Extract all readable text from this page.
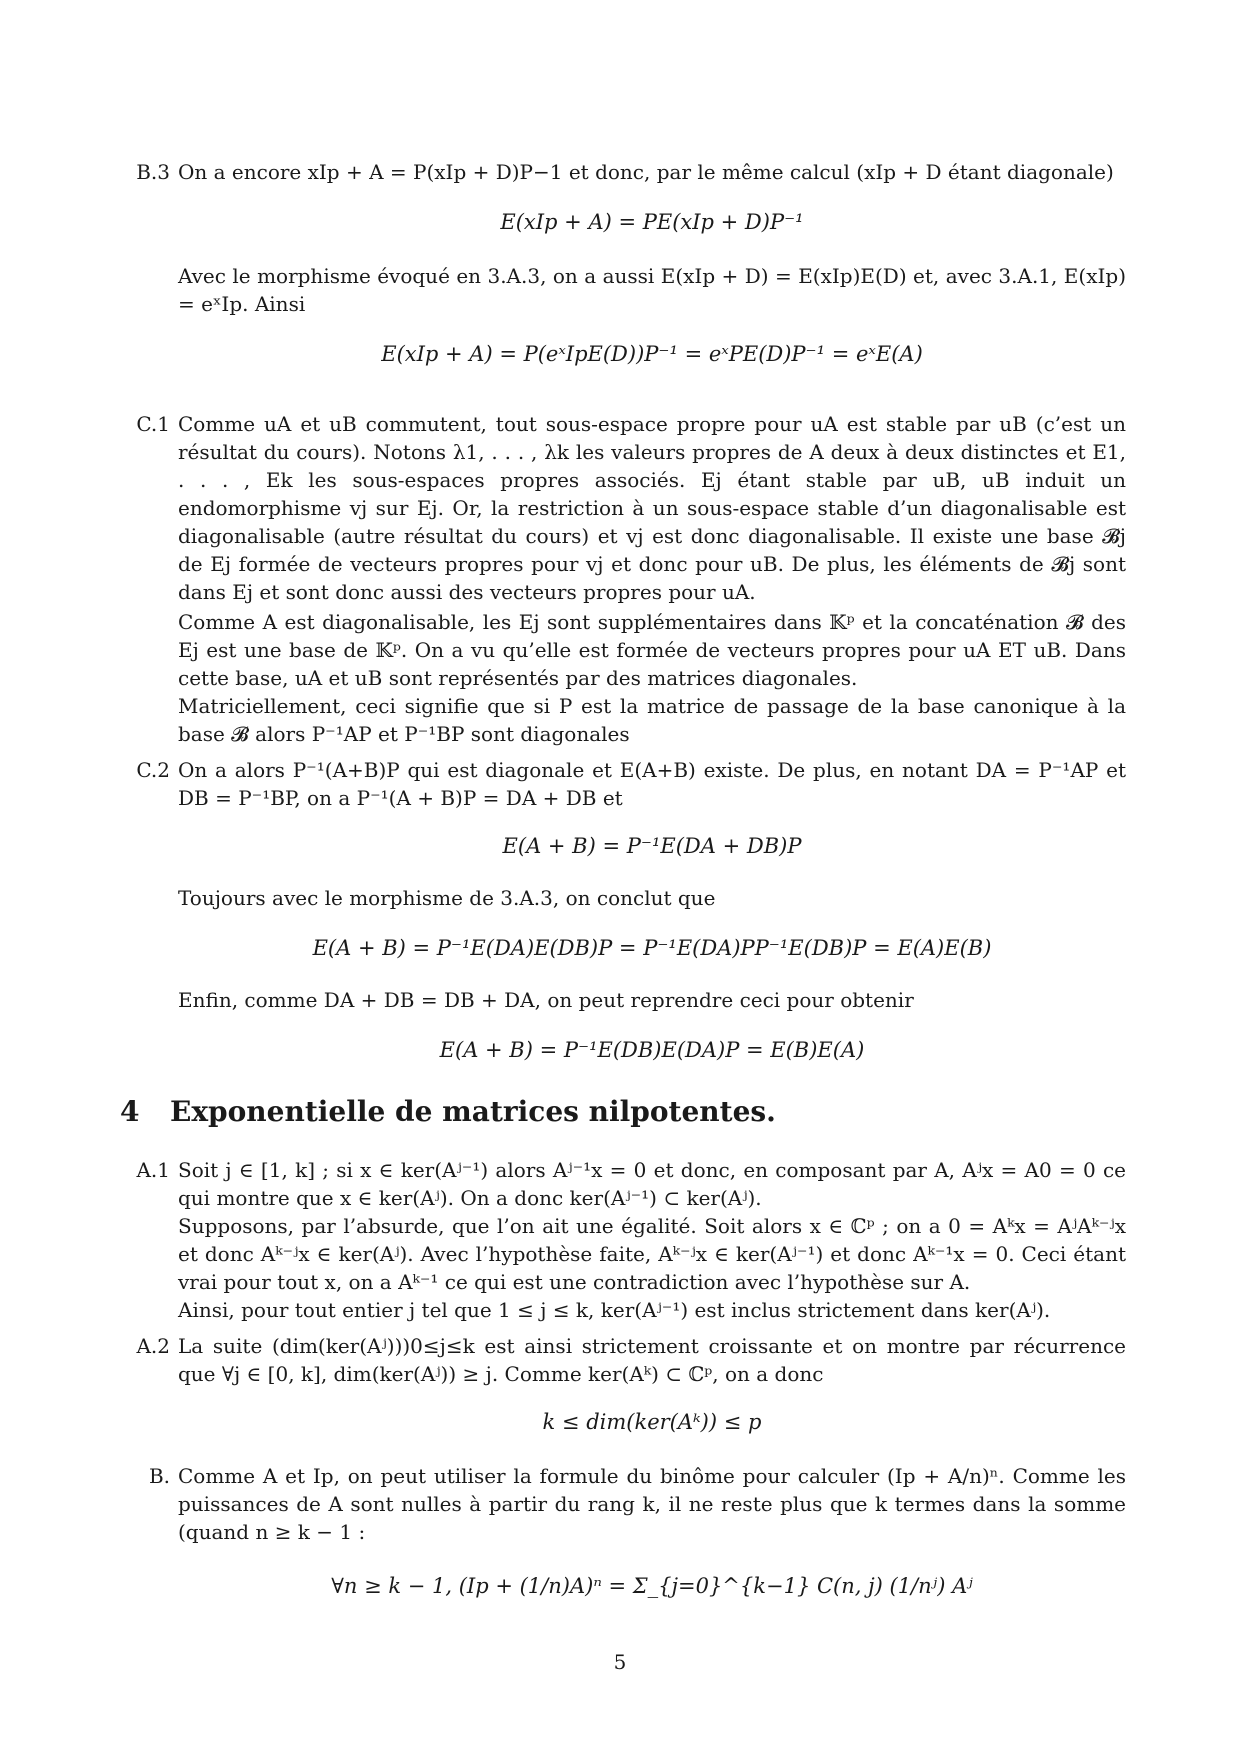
B.3 On a encore xIp + A = P(xIp + D)P−1 et donc, par le même calcul (xIp + D étant diagonale)
E(xIp + A) = PE(xIp + D)P⁻¹
Avec le morphisme évoqué en 3.A.3, on a aussi E(xIp + D) = E(xIp)E(D) et, avec 3.A.1, E(xIp) = eˣIp. Ainsi
E(xIp + A) = P(eˣIpE(D))P⁻¹ = eˣPE(D)P⁻¹ = eˣE(A)
C.1 Comme uA et uB commutent, tout sous-espace propre pour uA est stable par uB (c’est un résultat du cours). Notons λ1, . . . , λk les valeurs propres de A deux à deux distinctes et E1, . . . , Ek les sous-espaces propres associés. Ej étant stable par uB, uB induit un endomorphisme vj sur Ej. Or, la restriction à un sous-espace stable d’un diagonalisable est diagonalisable (autre résultat du cours) et vj est donc diagonalisable. Il existe une base 𝓑j de Ej formée de vecteurs propres pour vj et donc pour uB. De plus, les éléments de 𝓑j sont dans Ej et sont donc aussi des vecteurs propres pour uA.
Comme A est diagonalisable, les Ej sont supplémentaires dans 𝕂ᵖ et la concaténation 𝓑 des Ej est une base de 𝕂ᵖ. On a vu qu’elle est formée de vecteurs propres pour uA ET uB. Dans cette base, uA et uB sont représentés par des matrices diagonales.
Matriciellement, ceci signifie que si P est la matrice de passage de la base canonique à la base 𝓑 alors P⁻¹AP et P⁻¹BP sont diagonales
C.2 On a alors P⁻¹(A+B)P qui est diagonale et E(A+B) existe. De plus, en notant DA = P⁻¹AP et DB = P⁻¹BP, on a P⁻¹(A + B)P = DA + DB et
E(A + B) = P⁻¹E(DA + DB)P
Toujours avec le morphisme de 3.A.3, on conclut que
E(A + B) = P⁻¹E(DA)E(DB)P = P⁻¹E(DA)PP⁻¹E(DB)P = E(A)E(B)
Enfin, comme DA + DB = DB + DA, on peut reprendre ceci pour obtenir
E(A + B) = P⁻¹E(DB)E(DA)P = E(B)E(A)
4 Exponentielle de matrices nilpotentes.
A.1 Soit j ∈ [1, k] ; si x ∈ ker(Aʲ⁻¹) alors Aʲ⁻¹x = 0 et donc, en composant par A, Aʲx = A0 = 0 ce qui montre que x ∈ ker(Aʲ). On a donc ker(Aʲ⁻¹) ⊂ ker(Aʲ).
Supposons, par l’absurde, que l’on ait une égalité. Soit alors x ∈ ℂᵖ ; on a 0 = Aᵏx = AʲAᵏ⁻ʲx et donc Aᵏ⁻ʲx ∈ ker(Aʲ). Avec l’hypothèse faite, Aᵏ⁻ʲx ∈ ker(Aʲ⁻¹) et donc Aᵏ⁻¹x = 0. Ceci étant vrai pour tout x, on a Aᵏ⁻¹ ce qui est une contradiction avec l’hypothèse sur A.
Ainsi, pour tout entier j tel que 1 ≤ j ≤ k, ker(Aʲ⁻¹) est inclus strictement dans ker(Aʲ).
A.2 La suite (dim(ker(Aʲ)))0≤j≤k est ainsi strictement croissante et on montre par récurrence que ∀j ∈ [0, k], dim(ker(Aʲ)) ≥ j. Comme ker(Aᵏ) ⊂ ℂᵖ, on a donc
k ≤ dim(ker(Aᵏ)) ≤ p
B. Comme A et Ip, on peut utiliser la formule du binôme pour calculer (Ip + A/n)ⁿ. Comme les puissances de A sont nulles à partir du rang k, il ne reste plus que k termes dans la somme (quand n ≥ k − 1 :
∀n ≥ k − 1, (Ip + (1/n)A)ⁿ = Σ_{j=0}^{k−1} C(n, j) (1/nʲ) Aʲ
5
